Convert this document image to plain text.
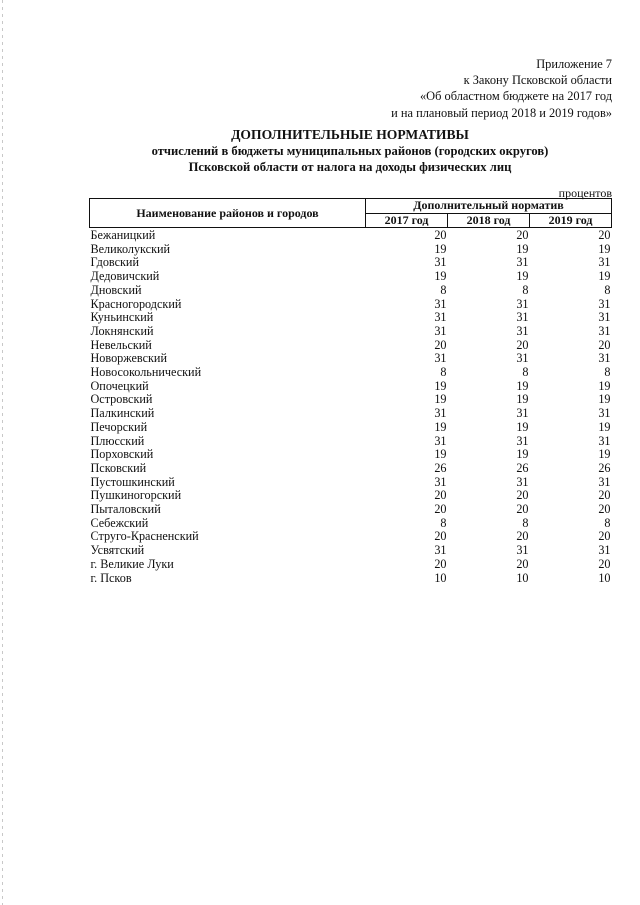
Приложение 7
к Закону Псковской области
«Об областном бюджете на 2017 год
и на плановый период 2018 и 2019 годов»
ДОПОЛНИТЕЛЬНЫЕ НОРМАТИВЫ
отчислений в бюджеты муниципальных районов (городских округов)
Псковской области от налога на доходы физических лиц
процентов
Наименование районов и городов	Дополнительный норматив		
	2017 год	2018 год	2019 год
Бежаницкий	20	20	20
Великолукский	19	19	19
Гдовский	31	31	31
Дедовичский	19	19	19
Дновский	8	8	8
Красногородский	31	31	31
Куньинский	31	31	31
Локнянский	31	31	31
Невельский	20	20	20
Новоржевский	31	31	31
Новосокольнический	8	8	8
Опочецкий	19	19	19
Островский	19	19	19
Палкинский	31	31	31
Печорский	19	19	19
Плюсский	31	31	31
Порховский	19	19	19
Псковский	26	26	26
Пустошкинский	31	31	31
Пушкиногорский	20	20	20
Пыталовский	20	20	20
Себежский	8	8	8
Струго-Красненский	20	20	20
Усвятский	31	31	31
г. Великие Луки	20	20	20
г. Псков	10	10	10
